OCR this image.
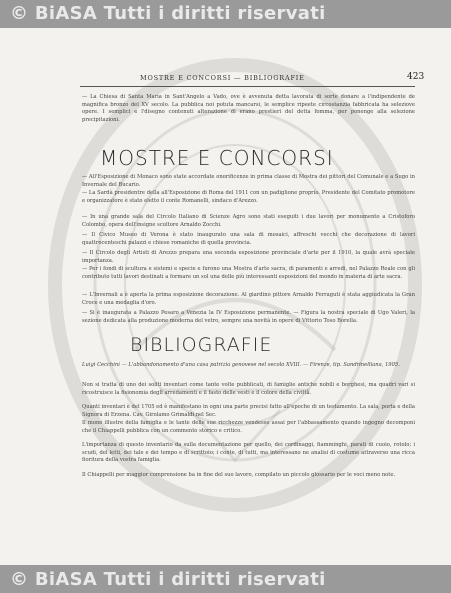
© BiASA Tutti i diritti riservati
MOSTRE E CONCORSI — BIBLIOGRAFIE	423
— La Chiesa di Santa Maria in Sant'Angelo a Vado, ove è avvenuta detta lavorata di sorte donare a l'indipendente de magnifica bronzo del XV secolo. La pubblica noi potuta mancarsi, le semplice ripeete circostanzia fabbricata ha seleziove opere. I semplici e l'disegno contenuti alterazione di erano prestieri del detta fomma, per ponenge alla selezione precipitazioni.
MOSTRE E CONCORSI
— All'Esposizione di Monaco sono state accordate onorificenze in prima classe di Mostra dei pittori del Comunale e a Sugo in Invernale del Bucario.
— La Sardà presidentre della all'Esposizione di Roma del 1911 con un padiglione proprio. Presidente del Comitato promotore e organizzatore è stato eletto il conte Romanelli, sindaco d'Arezzo.
— In una grande sala del Circolo Italiano di Scienze Agro sono stati eseguiti i due lavori per monumento a Cristoforo Colombo, opera dell'insigne scultore Arnaldo Zocchi.
— Il Civico Museo di Verona è stato inaugurato una sala di mosaici, affreschi vecchi che decorazione di lavori quattrocenteschi palazzi e chiese romaniche di quella provincia.
— Il Circolo degli Artisti di Arezzo prepara una seconda esposizione provinciale d'arte per il 1910, la quale avrà speciale importanza.
— Per i fondi di scultura e sistemi e specie e furono una Mostra d'arte sacra, di paramenti e arredi, nel Palazzo Reale con gli contributo tutti lavori destinati a formare un sol una delle più interessanti esposizioni del mondo in materia di arte sacra.
— L'Invernali a è aperta la prima esposizione decorazione. Al giardino pittore Arnaldo Ferraguti è stata aggiudicata la Gran Croce e una medaglia d'oro.
— Si è inaugurata a Palazzo Pesaro a Venezia la IV Esposizione permanente. — Figura la nostra speciale di Ugo Valeri, la sezione dedicata alla produzione moderna del vetro, sempre una novità in opere di Vittorio Toso Borella.
BIBLIOGRAFIE
Luigi Cecchini — L'abbandonamento d'una casa patrizia genovese nel secolo XVIII. — Firenze, tip. Sandrinelliana, 1905.
Non si tratta di uno dei soliti inventari come tante volte pubblicati, di famiglie antiche nobili e borghesi, ma quadri vari si ricostruisce la fisionomia degli arredamenti e il fasto delle vesti e il colore della civiltà.
Quanti inventari è del 1705 ed è manifestano in ogni una parte precisi fatto all'epoche di un testamento. La sala, porta e della Signora di Erzena. Cav. Girolamo Grimaldi nel Sec.
Il mone illustre della famiglia e le tante delle sue ricchezze vendesse assai per l'abbassamento quando ingegno decomponi che il Chiappelli pubblica con un commento storico e critico.
L'importanza di questo inventario da sulla documentazione per quello, dei cordinaggi, fiamminghi, parati di cuoio, rotolo; i scudi, del letti, dei tale e dei tempo e di scrittoio; i conte, di tutti, ma interessano ne analisi di costume attraverso una ricca fioritura della vostra famiglia.
Il Chiappelli per maggior comprensione ha in fine del suo lavoro, compilato un piccolo glossario per le voci meno note.
© BiASA Tutti i diritti riservati
